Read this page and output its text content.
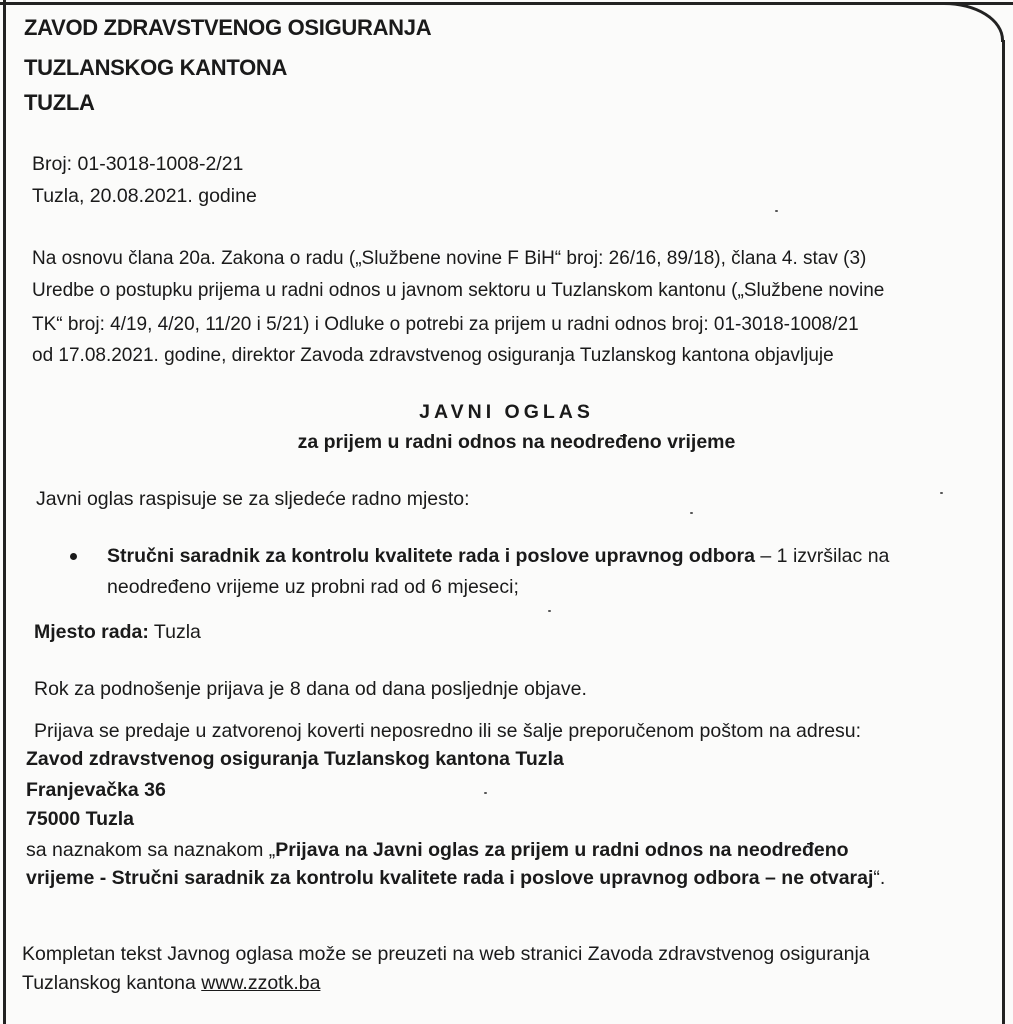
ZAVOD ZDRAVSTVENOG OSIGURANJA
TUZLANSKOG KANTONA
TUZLA
Broj: 01-3018-1008-2/21
Tuzla, 20.08.2021. godine
Na osnovu člana 20a. Zakona o radu („Službene novine F BiH“ broj: 26/16, 89/18), člana 4. stav (3)
Uredbe o postupku prijema u radni odnos u javnom sektoru u Tuzlanskom kantonu („Službene novine
TK“ broj: 4/19, 4/20, 11/20 i 5/21) i Odluke o potrebi za prijem u radni odnos broj: 01-3018-1008/21
od 17.08.2021. godine, direktor Zavoda zdravstvenog osiguranja Tuzlanskog kantona objavljuje
JAVNI OGLAS
za prijem u radni odnos na neodređeno vrijeme
Javni oglas raspisuje se za sljedeće radno mjesto:
Stručni saradnik za kontrolu kvalitete rada i poslove upravnog odbora – 1 izvršilac na
neodređeno vrijeme uz probni rad od 6 mjeseci;
Mjesto rada: Tuzla
Rok za podnošenje prijava je 8 dana od dana posljednje objave.
Prijava se predaje u zatvorenoj koverti neposredno ili se šalje preporučenom poštom na adresu:
Zavod zdravstvenog osiguranja Tuzlanskog kantona Tuzla
Franjevačka 36
75000 Tuzla
sa naznakom sa naznakom „Prijava na Javni oglas za prijem u radni odnos na neodređeno
vrijeme - Stručni saradnik za kontrolu kvalitete rada i poslove upravnog odbora – ne otvaraj“.
Kompletan tekst Javnog oglasa može se preuzeti na web stranici Zavoda zdravstvenog osiguranja
Tuzlanskog kantona www.zzotk.ba
